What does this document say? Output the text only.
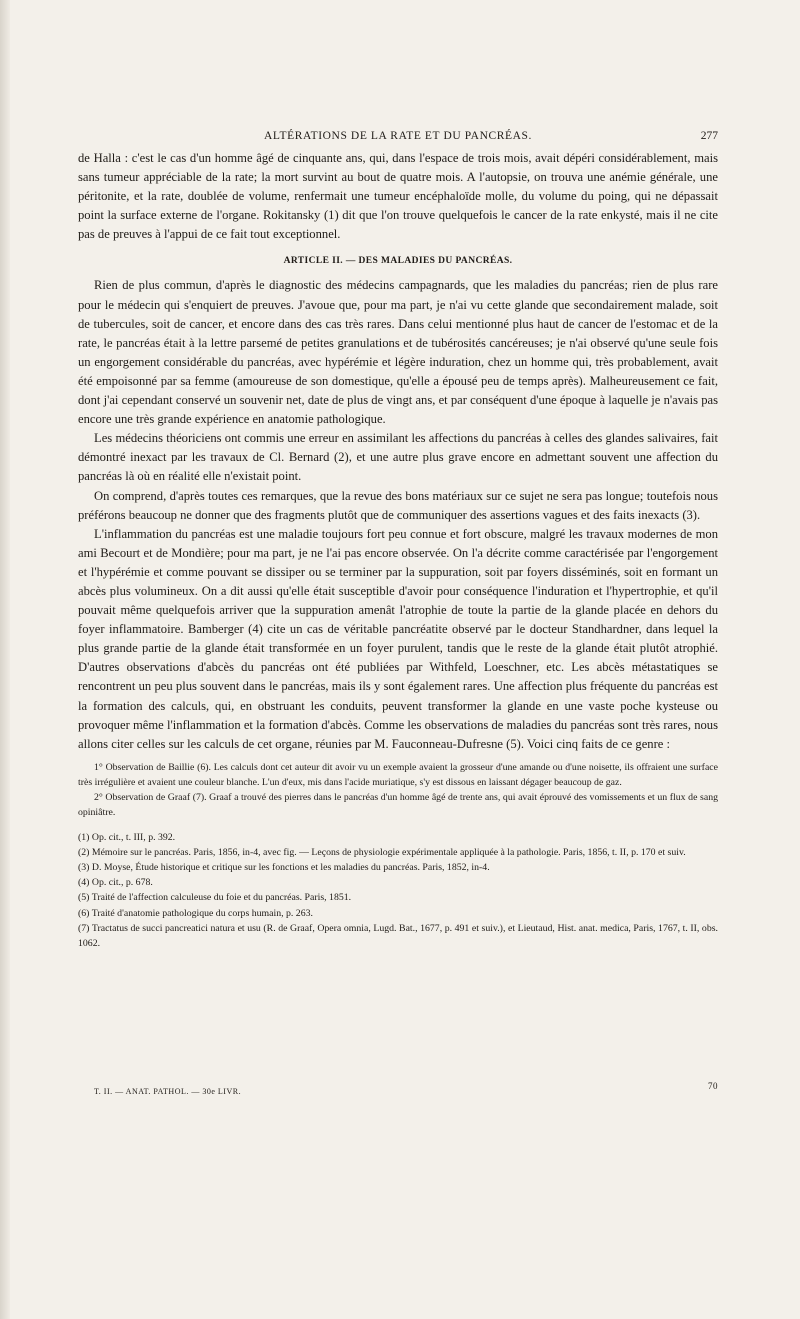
ALTÉRATIONS DE LA RATE ET DU PANCRÉAS.	277

de Halla : c'est le cas d'un homme âgé de cinquante ans, qui, dans l'espace de trois mois, avait dépéri considérablement, mais sans tumeur appréciable de la rate; la mort survint au bout de quatre mois. A l'autopsie, on trouva une anémie générale, une péritonite, et la rate, doublée de volume, renfermait une tumeur encéphaloïde molle, du volume du poing, qui ne dépassait point la surface externe de l'organe. Rokitansky (1) dit que l'on trouve quelquefois le cancer de la rate enkysté, mais il ne cite pas de preuves à l'appui de ce fait tout exceptionnel.

ARTICLE II. — DES MALADIES DU PANCRÉAS.

Rien de plus commun, d'après le diagnostic des médecins campagnards, que les maladies du pancréas; rien de plus rare pour le médecin qui s'enquiert de preuves. J'avoue que, pour ma part, je n'ai vu cette glande que secondairement malade, soit de tubercules, soit de cancer, et encore dans des cas très rares. Dans celui mentionné plus haut de cancer de l'estomac et de la rate, le pancréas était à la lettre parsemé de petites granulations et de tubérosités cancéreuses; je n'ai observé qu'une seule fois un engorgement considérable du pancréas, avec hypérémie et légère induration, chez un homme qui, très probablement, avait été empoisonné par sa femme (amoureuse de son domestique, qu'elle a épousé peu de temps après). Malheureusement ce fait, dont j'ai cependant conservé un souvenir net, date de plus de vingt ans, et par conséquent d'une époque à laquelle je n'avais pas encore une très grande expérience en anatomie pathologique.

Les médecins théoriciens ont commis une erreur en assimilant les affections du pancréas à celles des glandes salivaires, fait démontré inexact par les travaux de Cl. Bernard (2), et une autre plus grave encore en admettant souvent une affection du pancréas là où en réalité elle n'existait point.

On comprend, d'après toutes ces remarques, que la revue des bons matériaux sur ce sujet ne sera pas longue; toutefois nous préférons beaucoup ne donner que des fragments plutôt que de communiquer des assertions vagues et des faits inexacts (3).

L'inflammation du pancréas est une maladie toujours fort peu connue et fort obscure, malgré les travaux modernes de mon ami Becourt et de Mondière; pour ma part, je ne l'ai pas encore observée. On l'a décrite comme caractérisée par l'engorgement et l'hypérémie et comme pouvant se dissiper ou se terminer par la suppuration, soit par foyers disséminés, soit en formant un abcès plus volumineux. On a dit aussi qu'elle était susceptible d'avoir pour conséquence l'induration et l'hypertrophie, et qu'il pouvait même quelquefois arriver que la suppuration amenât l'atrophie de toute la partie de la glande placée en dehors du foyer inflammatoire. Bamberger (4) cite un cas de véritable pancréatite observé par le docteur Standhardner, dans lequel la plus grande partie de la glande était transformée en un foyer purulent, tandis que le reste de la glande était plutôt atrophié. D'autres observations d'abcès du pancréas ont été publiées par Withfeld, Loeschner, etc. Les abcès métastatiques se rencontrent un peu plus souvent dans le pancréas, mais ils y sont également rares. Une affection plus fréquente du pancréas est la formation des calculs, qui, en obstruant les conduits, peuvent transformer la glande en une vaste poche kysteuse ou provoquer même l'inflammation et la formation d'abcès. Comme les observations de maladies du pancréas sont très rares, nous allons citer celles sur les calculs de cet organe, réunies par M. Fauconneau-Dufresne (5). Voici cinq faits de ce genre :

1° Observation de Baillie (6). Les calculs dont cet auteur dit avoir vu un exemple avaient la grosseur d'une amande ou d'une noisette, ils offraient une surface très irrégulière et avaient une couleur blanche. L'un d'eux, mis dans l'acide muriatique, s'y est dissous en laissant dégager beaucoup de gaz.

2° Observation de Graaf (7). Graaf a trouvé des pierres dans le pancréas d'un homme âgé de trente ans, qui avait éprouvé des vomissements et un flux de sang opiniâtre.

(1) Op. cit., t. III, p. 392.

(2) Mémoire sur le pancréas. Paris, 1856, in-4, avec fig. — Leçons de physiologie expérimentale appliquée à la pathologie. Paris, 1856, t. II, p. 170 et suiv.

(3) D. Moyse, Étude historique et critique sur les fonctions et les maladies du pancréas. Paris, 1852, in-4.

(4) Op. cit., p. 678.

(5) Traité de l'affection calculeuse du foie et du pancréas. Paris, 1851.

(6) Traité d'anatomie pathologique du corps humain, p. 263.

(7) Tractatus de succi pancreatici natura et usu (R. de Graaf, Opera omnia, Lugd. Bat., 1677, p. 491 et suiv.), et Lieutaud, Hist. anat. medica, Paris, 1767, t. II, obs. 1062.

T. II. — ANAT. PATHOL. — 30e LIVR.
70
